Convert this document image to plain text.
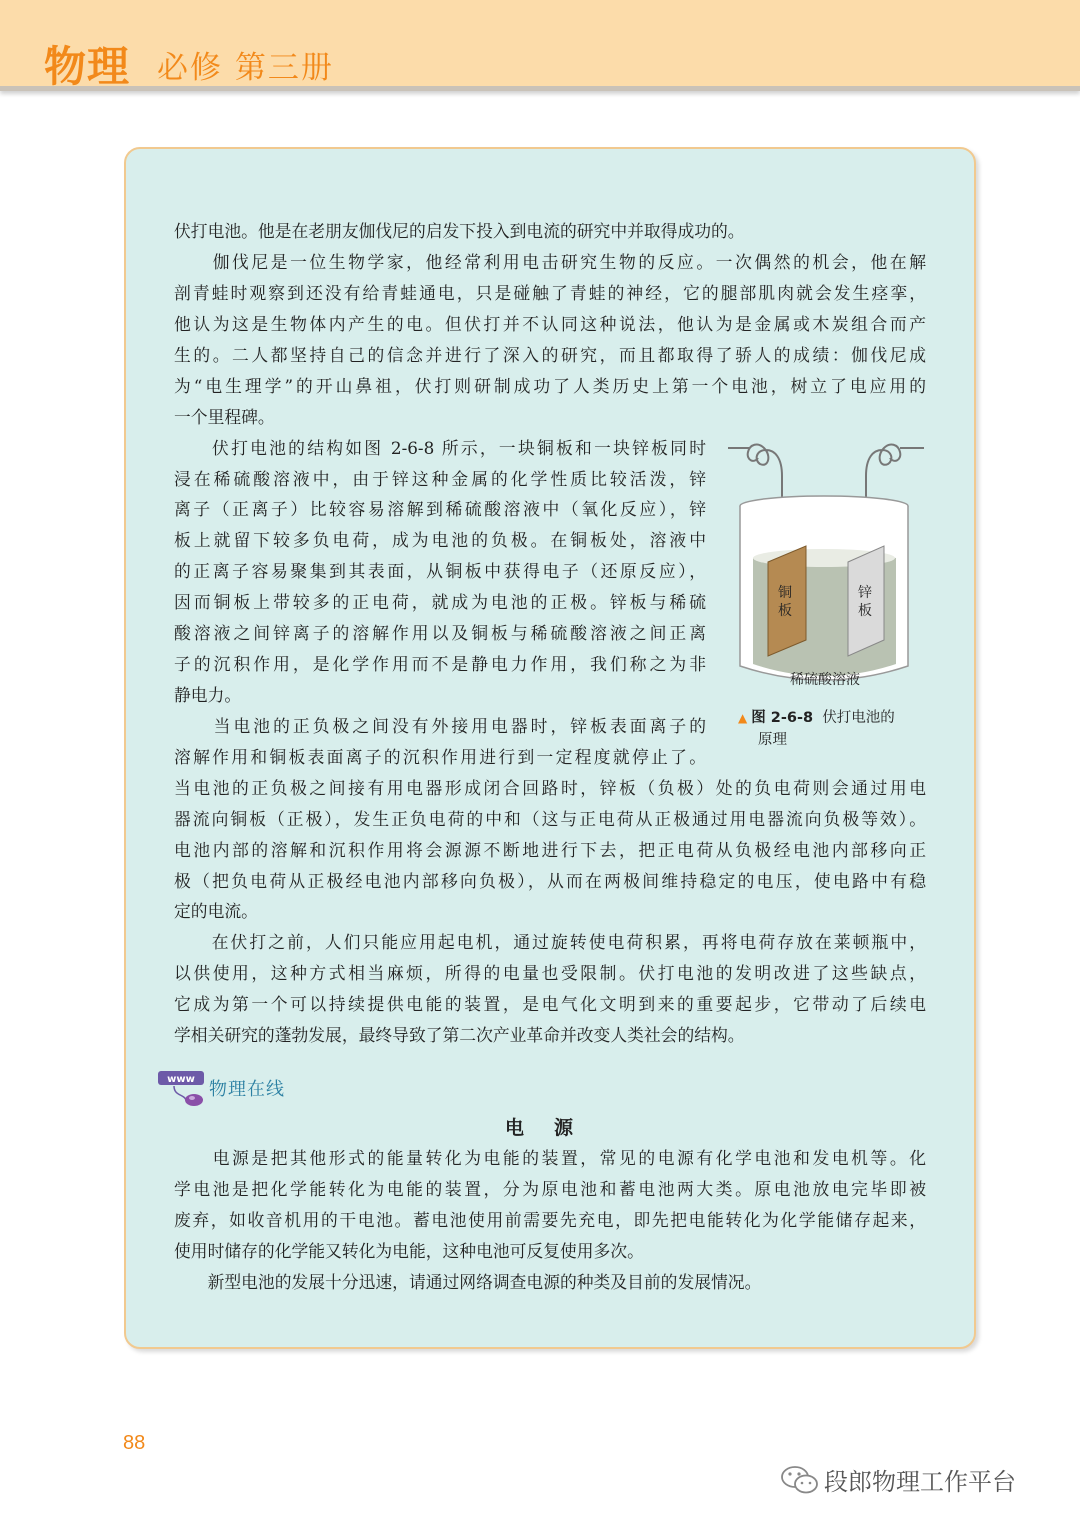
物理 必修 第三册
伏打电池。他是在老朋友伽伐尼的启发下投入到电流的研究中并取得成功的。
　　伽伐尼是一位生物学家，他经常利用电击研究生物的反应。一次偶然的机会，他在解
剖青蛙时观察到还没有给青蛙通电，只是碰触了青蛙的神经，它的腿部肌肉就会发生痉挛，
他认为这是生物体内产生的电。但伏打并不认同这种说法，他认为是金属或木炭组合而产
生的。二人都坚持自己的信念并进行了深入的研究，而且都取得了骄人的成绩：伽伐尼成
为“电生理学”的开山鼻祖，伏打则研制成功了人类历史上第一个电池，树立了电应用的
一个里程碑。
　　伏打电池的结构如图 2-6-8 所示，一块铜板和一块锌板同时
浸在稀硫酸溶液中，由于锌这种金属的化学性质比较活泼，锌
离子（正离子）比较容易溶解到稀硫酸溶液中（氧化反应），锌
板上就留下较多负电荷，成为电池的负极。在铜板处，溶液中
的正离子容易聚集到其表面，从铜板中获得电子（还原反应），
因而铜板上带较多的正电荷，就成为电池的正极。锌板与稀硫
酸溶液之间锌离子的溶解作用以及铜板与稀硫酸溶液之间正离
子的沉积作用，是化学作用而不是静电力作用，我们称之为非
静电力。
　　当电池的正负极之间没有外接用电器时，锌板表面离子的
溶解作用和铜板表面离子的沉积作用进行到一定程度就停止了。
铜板
锌板
稀硫酸溶液
▲ 图 2-6-8 伏打电池的
原理
当电池的正负极之间接有用电器形成闭合回路时，锌板（负极）处的负电荷则会通过用电
器流向铜板（正极），发生正负电荷的中和（这与正电荷从正极通过用电器流向负极等效）。
电池内部的溶解和沉积作用将会源源不断地进行下去，把正电荷从负极经电池内部移向正
极（把负电荷从正极经电池内部移向负极），从而在两极间维持稳定的电压，使电路中有稳
定的电流。
　　在伏打之前，人们只能应用起电机，通过旋转使电荷积累，再将电荷存放在莱顿瓶中，
以供使用，这种方式相当麻烦，所得的电量也受限制。伏打电池的发明改进了这些缺点，
它成为第一个可以持续提供电能的装置，是电气化文明到来的重要起步，它带动了后续电
学相关研究的蓬勃发展，最终导致了第二次产业革命并改变人类社会的结构。
www 物理在线
电源
　　电源是把其他形式的能量转化为电能的装置，常见的电源有化学电池和发电机等。化
学电池是把化学能转化为电能的装置，分为原电池和蓄电池两大类。原电池放电完毕即被
废弃，如收音机用的干电池。蓄电池使用前需要先充电，即先把电能转化为化学能储存起来，
使用时储存的化学能又转化为电能，这种电池可反复使用多次。
　　新型电池的发展十分迅速，请通过网络调查电源的种类及目前的发展情况。
88
段郎物理工作平台
